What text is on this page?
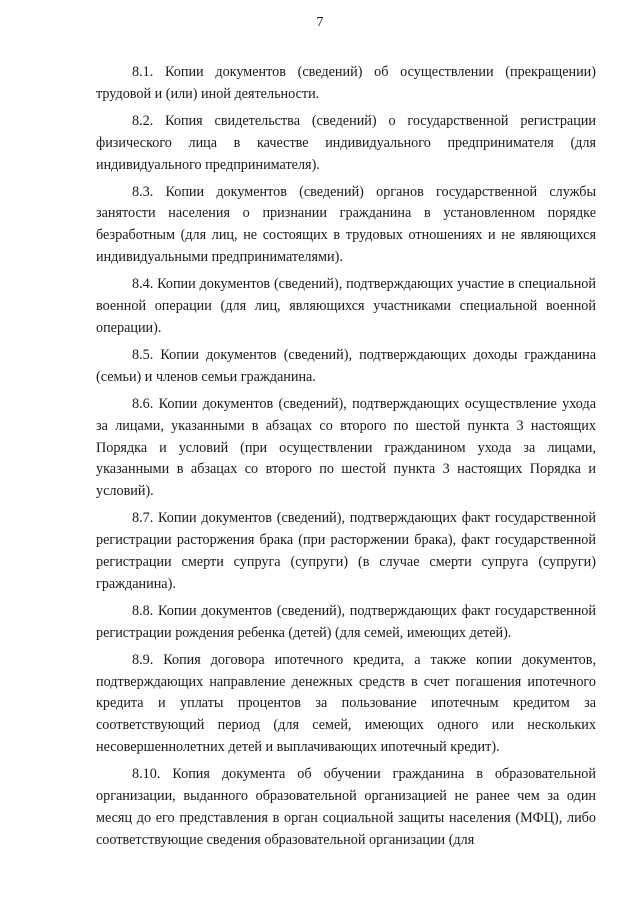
7

8.1. Копии документов (сведений) об осуществлении (прекращении) трудовой и (или) иной деятельности.

8.2. Копия свидетельства (сведений) о государственной регистрации физического лица в качестве индивидуального предпринимателя (для индивидуального предпринимателя).

8.3. Копии документов (сведений) органов государственной службы занятости населения о признании гражданина в установленном порядке безработным (для лиц, не состоящих в трудовых отношениях и не являющихся индивидуальными предпринимателями).

8.4. Копии документов (сведений), подтверждающих участие в специальной военной операции (для лиц, являющихся участниками специальной военной операции).

8.5. Копии документов (сведений), подтверждающих доходы гражданина (семьи) и членов семьи гражданина.

8.6. Копии документов (сведений), подтверждающих осуществление ухода за лицами, указанными в абзацах со второго по шестой пункта 3 настоящих Порядка и условий (при осуществлении гражданином ухода за лицами, указанными в абзацах со второго по шестой пункта 3 настоящих Порядка и условий).

8.7. Копии документов (сведений), подтверждающих факт государственной регистрации расторжения брака (при расторжении брака), факт государственной регистрации смерти супруга (супруги) (в случае смерти супруга (супруги) гражданина).

8.8. Копии документов (сведений), подтверждающих факт государственной регистрации рождения ребенка (детей) (для семей, имеющих детей).

8.9. Копия договора ипотечного кредита, а также копии документов, подтверждающих направление денежных средств в счет погашения ипотечного кредита и уплаты процентов за пользование ипотечным кредитом за соответствующий период (для семей, имеющих одного или нескольких несовершеннолетних детей и выплачивающих ипотечный кредит).

8.10. Копия документа об обучении гражданина в образовательной организации, выданного образовательной организацией не ранее чем за один месяц до его представления в орган социальной защиты населения (МФЦ), либо соответствующие сведения образовательной организации (для
